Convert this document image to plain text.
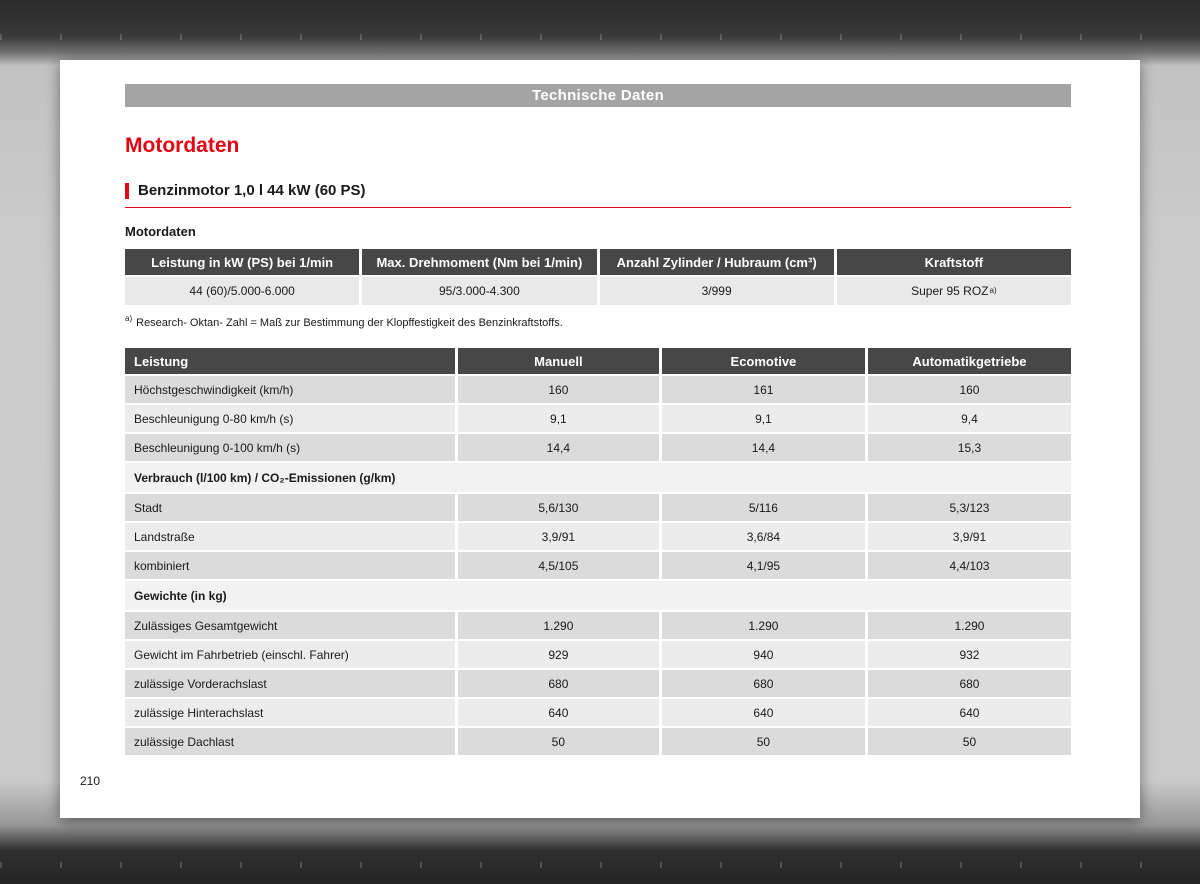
Technische Daten
Motordaten
Benzinmotor 1,0 l 44 kW (60 PS)
Motordaten
Leistung in kW (PS) bei 1/min	Max. Drehmoment (Nm bei 1/min)	Anzahl Zylinder / Hubraum (cm³)	Kraftstoff
44 (60)/5.000-6.000	95/3.000-4.300	3/999	Super 95 ROZ a)
$^{a)}$ Research- Oktan- Zahl = Maß zur Bestimmung der Klopffestigkeit des Benzinkraftstoffs.
Leistung	Manuell	Ecomotive	Automatikgetriebe
Höchstgeschwindigkeit (km/h)	160	161	160
Beschleunigung 0-80 km/h (s)	9,1	9,1	9,4
Beschleunigung 0-100 km/h (s)	14,4	14,4	15,3
Verbrauch (l/100 km) / CO₂-Emissionen (g/km)
Stadt	5,6/130	5/116	5,3/123
Landstraße	3,9/91	3,6/84	3,9/91
kombiniert	4,5/105	4,1/95	4,4/103
Gewichte (in kg)
Zulässiges Gesamtgewicht	1.290	1.290	1.290
Gewicht im Fahrbetrieb (einschl. Fahrer)	929	940	932
zulässige Vorderachslast	680	680	680
zulässige Hinterachslast	640	640	640
zulässige Dachlast	50	50	50
210
